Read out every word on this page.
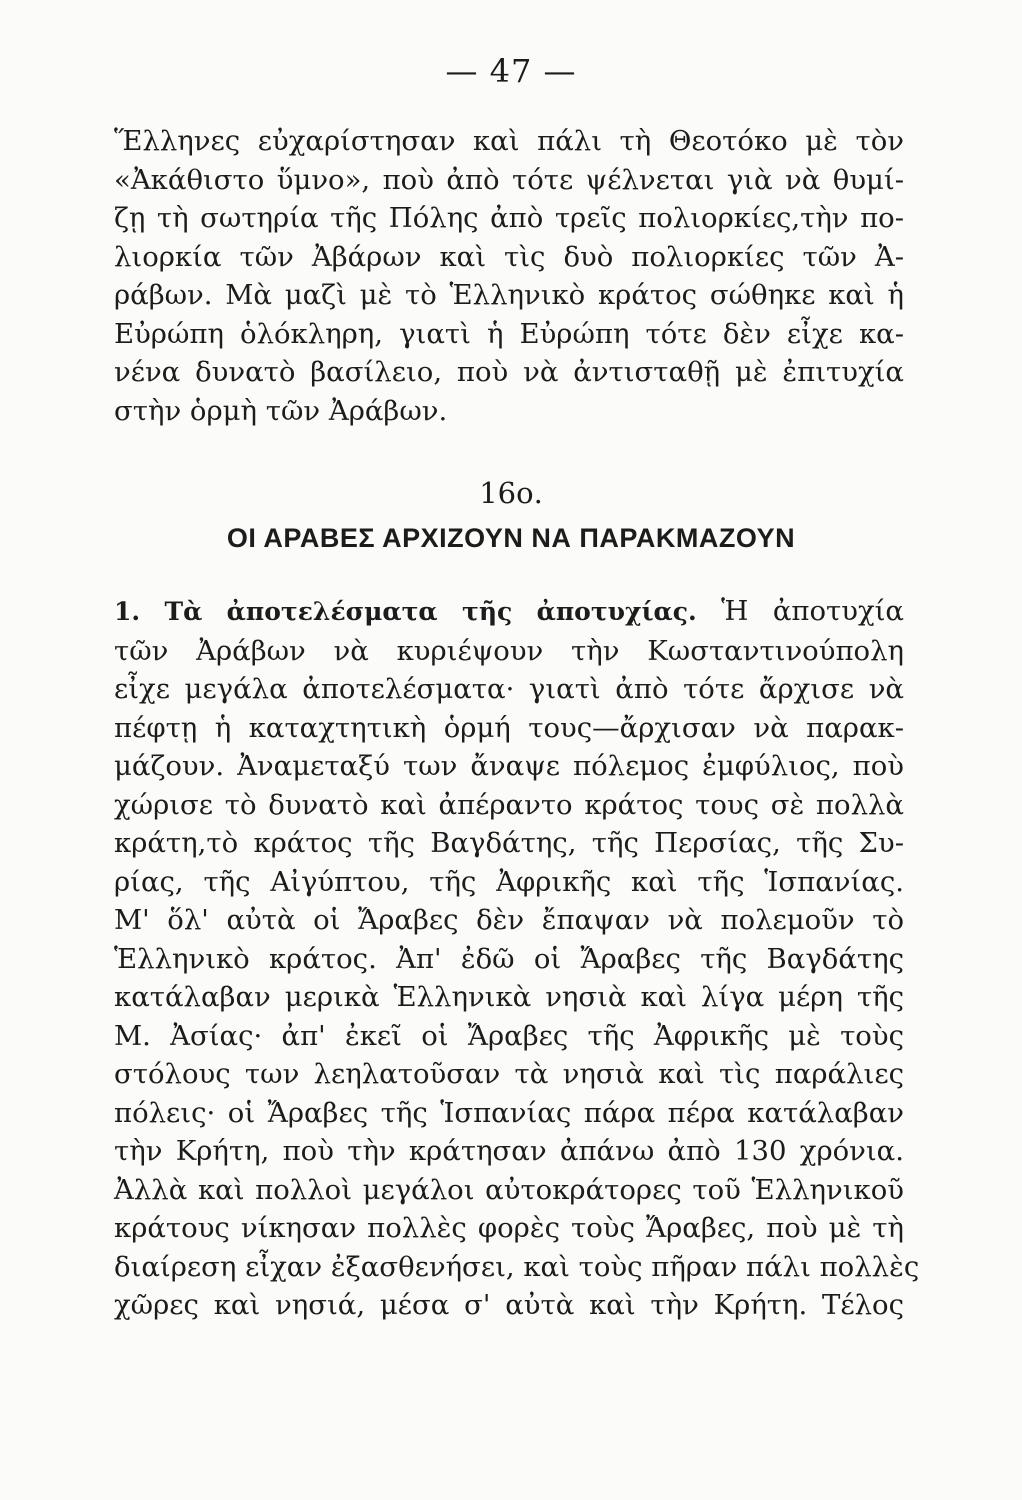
— 47 —
Ἕλληνες εὐχαρίστησαν καὶ πάλι τὴ Θεοτόκο μὲ τὸν
«Ἀκάθιστο ὕμνο», ποὺ ἀπὸ τότε ψέλνεται γιὰ νὰ θυμί-
ζῃ τὴ σωτηρία τῆς Πόλης ἀπὸ τρεῖς πολιορκίες,τὴν πο-
λιορκία τῶν Ἀβάρων καὶ τὶς δυὸ πολιορκίες τῶν Ἀ-
ράβων. Μὰ μαζὶ μὲ τὸ Ἑλληνικὸ κράτος σώθηκε καὶ ἡ
Εὐρώπη ὁλόκληρη, γιατὶ ἡ Εὐρώπη τότε δὲν εἶχε κα-
νένα δυνατὸ βασίλειο, ποὺ νὰ ἀντισταθῇ μὲ ἐπιτυχία
στὴν ὁρμὴ τῶν Ἀράβων.
16ο.
ΟΙ ΑΡΑΒΕΣ ΑΡΧΙΖΟΥΝ ΝΑ ΠΑΡΑΚΜΑΖΟΥΝ
1. Τὰ ἀποτελέσματα τῆς ἀποτυχίας. Ἡ ἀποτυχία
τῶν Ἀράβων νὰ κυριέψουν τὴν Κωσταντινούπολη
εἶχε μεγάλα ἀποτελέσματα· γιατὶ ἀπὸ τότε ἄρχισε νὰ
πέφτῃ ἡ καταχτητικὴ ὁρμή τους—ἄρχισαν νὰ παρακ-
μάζουν. Ἀναμεταξύ των ἄναψε πόλεμος ἐμφύλιος, ποὺ
χώρισε τὸ δυνατὸ καὶ ἀπέραντο κράτος τους σὲ πολλὰ
κράτη,τὸ κράτος τῆς Βαγδάτης, τῆς Περσίας, τῆς Συ-
ρίας, τῆς Αἰγύπτου, τῆς Ἀφρικῆς καὶ τῆς Ἱσπανίας.
Μ' ὅλ' αὐτὰ οἱ Ἄραβες δὲν ἔπαψαν νὰ πολεμοῦν τὸ
Ἑλληνικὸ κράτος. Ἀπ' ἐδῶ οἱ Ἄραβες τῆς Βαγδάτης
κατάλαβαν μερικὰ Ἑλληνικὰ νησιὰ καὶ λίγα μέρη τῆς
Μ. Ἀσίας· ἀπ' ἐκεῖ οἱ Ἄραβες τῆς Ἀφρικῆς μὲ τοὺς
στόλους των λεηλατοῦσαν τὰ νησιὰ καὶ τὶς παράλιες
πόλεις· οἱ Ἄραβες τῆς Ἱσπανίας πάρα πέρα κατάλαβαν
τὴν Κρήτη, ποὺ τὴν κράτησαν ἀπάνω ἀπὸ 130 χρόνια.
Ἀλλὰ καὶ πολλοὶ μεγάλοι αὐτοκράτορες τοῦ Ἑλληνικοῦ
κράτους νίκησαν πολλὲς φορὲς τοὺς Ἄραβες, ποὺ μὲ τὴ
διαίρεση εἶχαν ἐξασθενήσει, καὶ τοὺς πῆραν πάλι πολλὲς
χῶρες καὶ νησιά, μέσα σ' αὐτὰ καὶ τὴν Κρήτη. Τέλος
